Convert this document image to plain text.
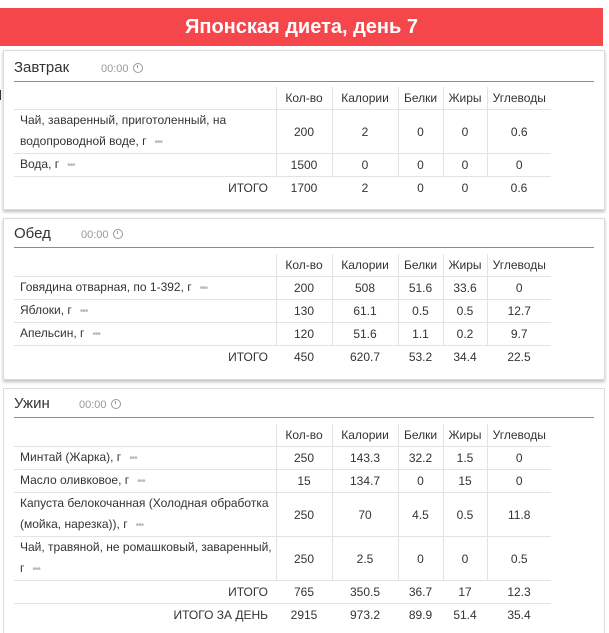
Японская диета, день 7
Завтрак	00:00
	Кол-во	Калории	Белки	Жиры	Углеводы
Чай, заваренный, приготоленный, на водопроводной воде, г •••	200	2	0	0	0.6
Вода, г •••	1500	0	0	0	0
ИТОГО	1700	2	0	0	0.6
Обед	00:00
	Кол-во	Калории	Белки	Жиры	Углеводы
Говядина отварная, по 1-392, г •••	200	508	51.6	33.6	0
Яблоки, г •••	130	61.1	0.5	0.5	12.7
Апельсин, г •••	120	51.6	1.1	0.2	9.7
ИТОГО	450	620.7	53.2	34.4	22.5
Ужин	00:00
	Кол-во	Калории	Белки	Жиры	Углеводы
Минтай (Жарка), г •••	250	143.3	32.2	1.5	0
Масло оливковое, г •••	15	134.7	0	15	0
Капуста белокочанная (Холодная обработка (мойка, нарезка)), г •••	250	70	4.5	0.5	11.8
Чай, травяной, не ромашковый, заваренный, г •••	250	2.5	0	0	0.5
ИТОГО	765	350.5	36.7	17	12.3
ИТОГО ЗА ДЕНЬ	2915	973.2	89.9	51.4	35.4
